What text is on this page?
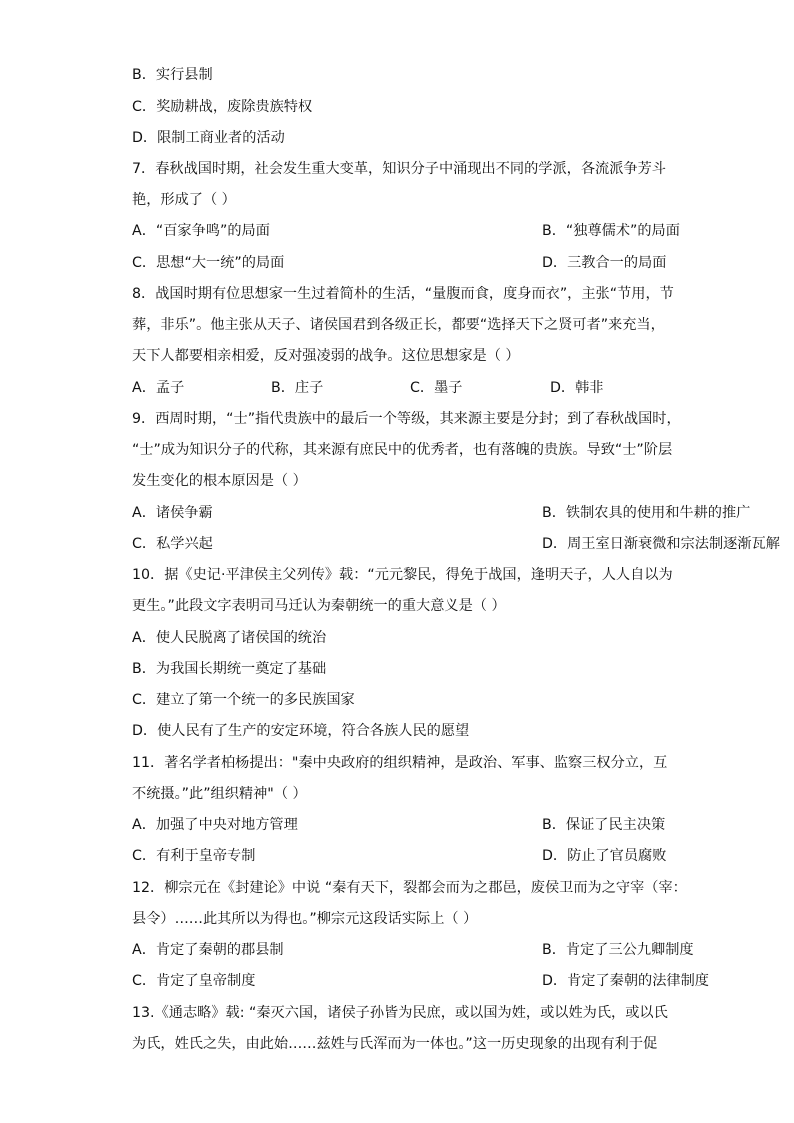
B．实行县制
C．奖励耕战，废除贵族特权
D．限制工商业者的活动
7．春秋战国时期，社会发生重大变革，知识分子中涌现出不同的学派，各流派争芳斗
艳，形成了（ ）
A．“百家争鸣”的局面	B．“独尊儒术”的局面
C．思想“大一统”的局面	D．三教合一的局面
8．战国时期有位思想家一生过着简朴的生活，“量腹而食，度身而衣”，主张“节用，节
葬，非乐”。他主张从天子、诸侯国君到各级正长，都要“选择天下之贤可者”来充当，
天下人都要相亲相爱，反对强凌弱的战争。这位思想家是（ ）
A．孟子	B．庄子	C．墨子	D．韩非
9．西周时期，“士”指代贵族中的最后一个等级，其来源主要是分封；到了春秋战国时，
“士”成为知识分子的代称，其来源有庶民中的优秀者，也有落魄的贵族。导致“士”阶层
发生变化的根本原因是（ ）
A．诸侯争霸	B．铁制农具的使用和牛耕的推广
C．私学兴起	D．周王室日渐衰微和宗法制逐渐瓦解
10．据《史记·平津侯主父列传》载：“元元黎民，得免于战国，逢明天子，人人自以为
更生。”此段文字表明司马迁认为秦朝统一的重大意义是（ ）
A．使人民脱离了诸侯国的统治
B．为我国长期统一奠定了基础
C．建立了第一个统一的多民族国家
D．使人民有了生产的安定环境，符合各族人民的愿望
11．著名学者柏杨提出："秦中央政府的组织精神，是政治、军事、监察三权分立，互
不统摄。”此”组织精神"（ ）
A．加强了中央对地方管理	B．保证了民主决策
C．有利于皇帝专制	D．防止了官员腐败
12．柳宗元在《封建论》中说 “秦有天下，裂都会而为之郡邑，废侯卫而为之守宰（宰：
县令）……此其所以为得也。”柳宗元这段话实际上（ ）
A．肯定了秦朝的郡县制	B．肯定了三公九卿制度
C．肯定了皇帝制度	D．肯定了秦朝的法律制度
13.《通志略》载: “秦灭六国，诸侯子孙皆为民庶，或以国为姓，或以姓为氏，或以氏
为氏，姓氏之失，由此始……兹姓与氏浑而为一体也。”这一历史现象的出现有利于促
